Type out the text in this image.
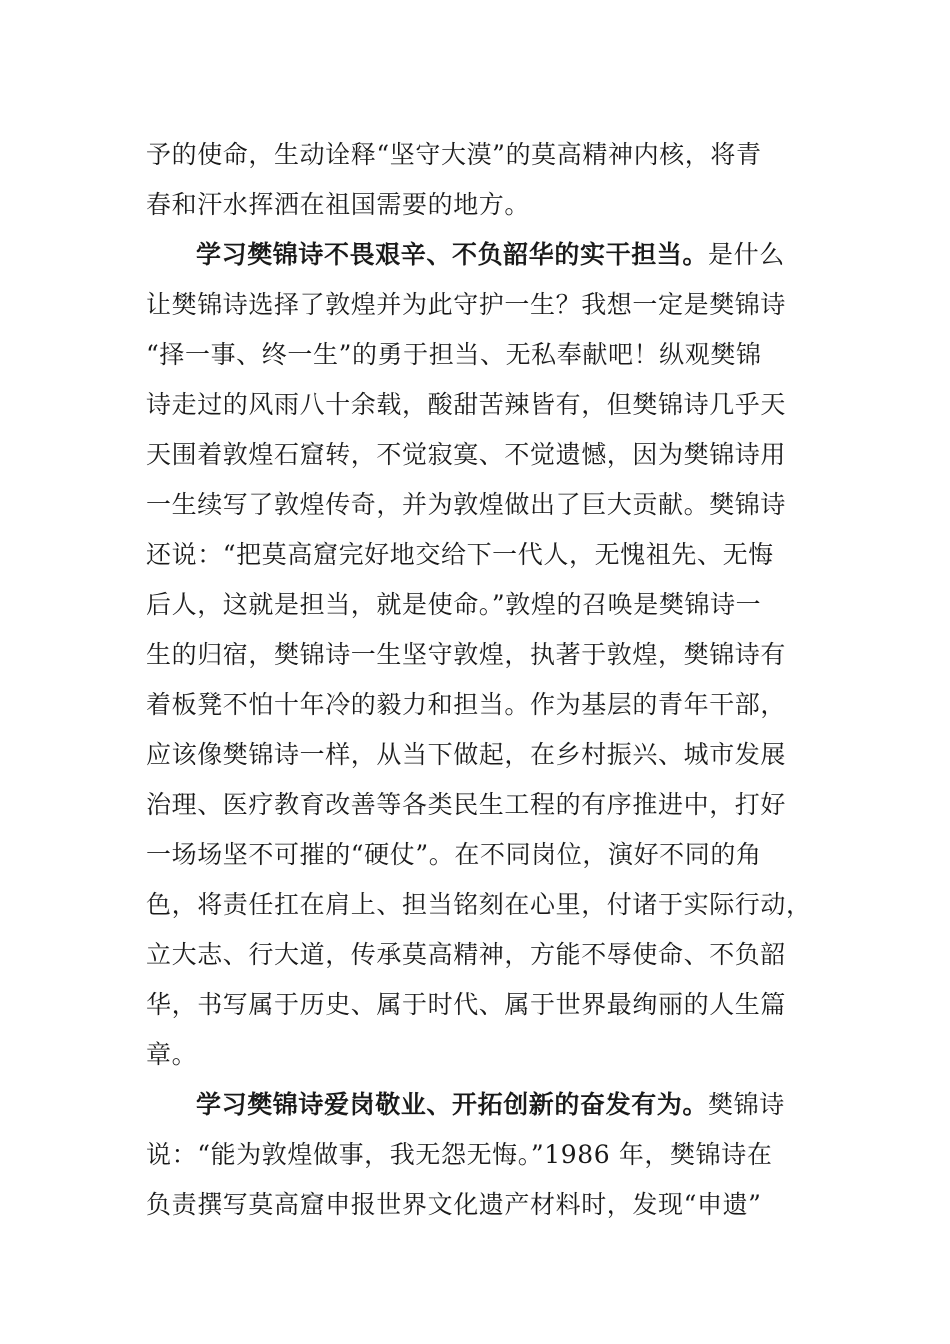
予的使命，生动诠释“坚守大漠”的莫高精神内核，将青
春和汗水挥洒在祖国需要的地方。
学习樊锦诗不畏艰辛、不负韶华的实干担当。是什么
让樊锦诗选择了敦煌并为此守护一生？我想一定是樊锦诗
“择一事、终一生”的勇于担当、无私奉献吧！纵观樊锦
诗走过的风雨八十余载，酸甜苦辣皆有，但樊锦诗几乎天
天围着敦煌石窟转，不觉寂寞、不觉遗憾，因为樊锦诗用
一生续写了敦煌传奇，并为敦煌做出了巨大贡献。樊锦诗
还说：“把莫高窟完好地交给下一代人，无愧祖先、无悔
后人，这就是担当，就是使命。”敦煌的召唤是樊锦诗一
生的归宿，樊锦诗一生坚守敦煌，执著于敦煌，樊锦诗有
着板凳不怕十年冷的毅力和担当。作为基层的青年干部，
应该像樊锦诗一样，从当下做起，在乡村振兴、城市发展
治理、医疗教育改善等各类民生工程的有序推进中，打好
一场场坚不可摧的“硬仗”。在不同岗位，演好不同的角
色，将责任扛在肩上、担当铭刻在心里，付诸于实际行动，
立大志、行大道，传承莫高精神，方能不辱使命、不负韶
华，书写属于历史、属于时代、属于世界最绚丽的人生篇
章。
学习樊锦诗爱岗敬业、开拓创新的奋发有为。樊锦诗
说：“能为敦煌做事，我无怨无悔。”1986 年，樊锦诗在
负责撰写莫高窟申报世界文化遗产材料时，发现“申遗”
